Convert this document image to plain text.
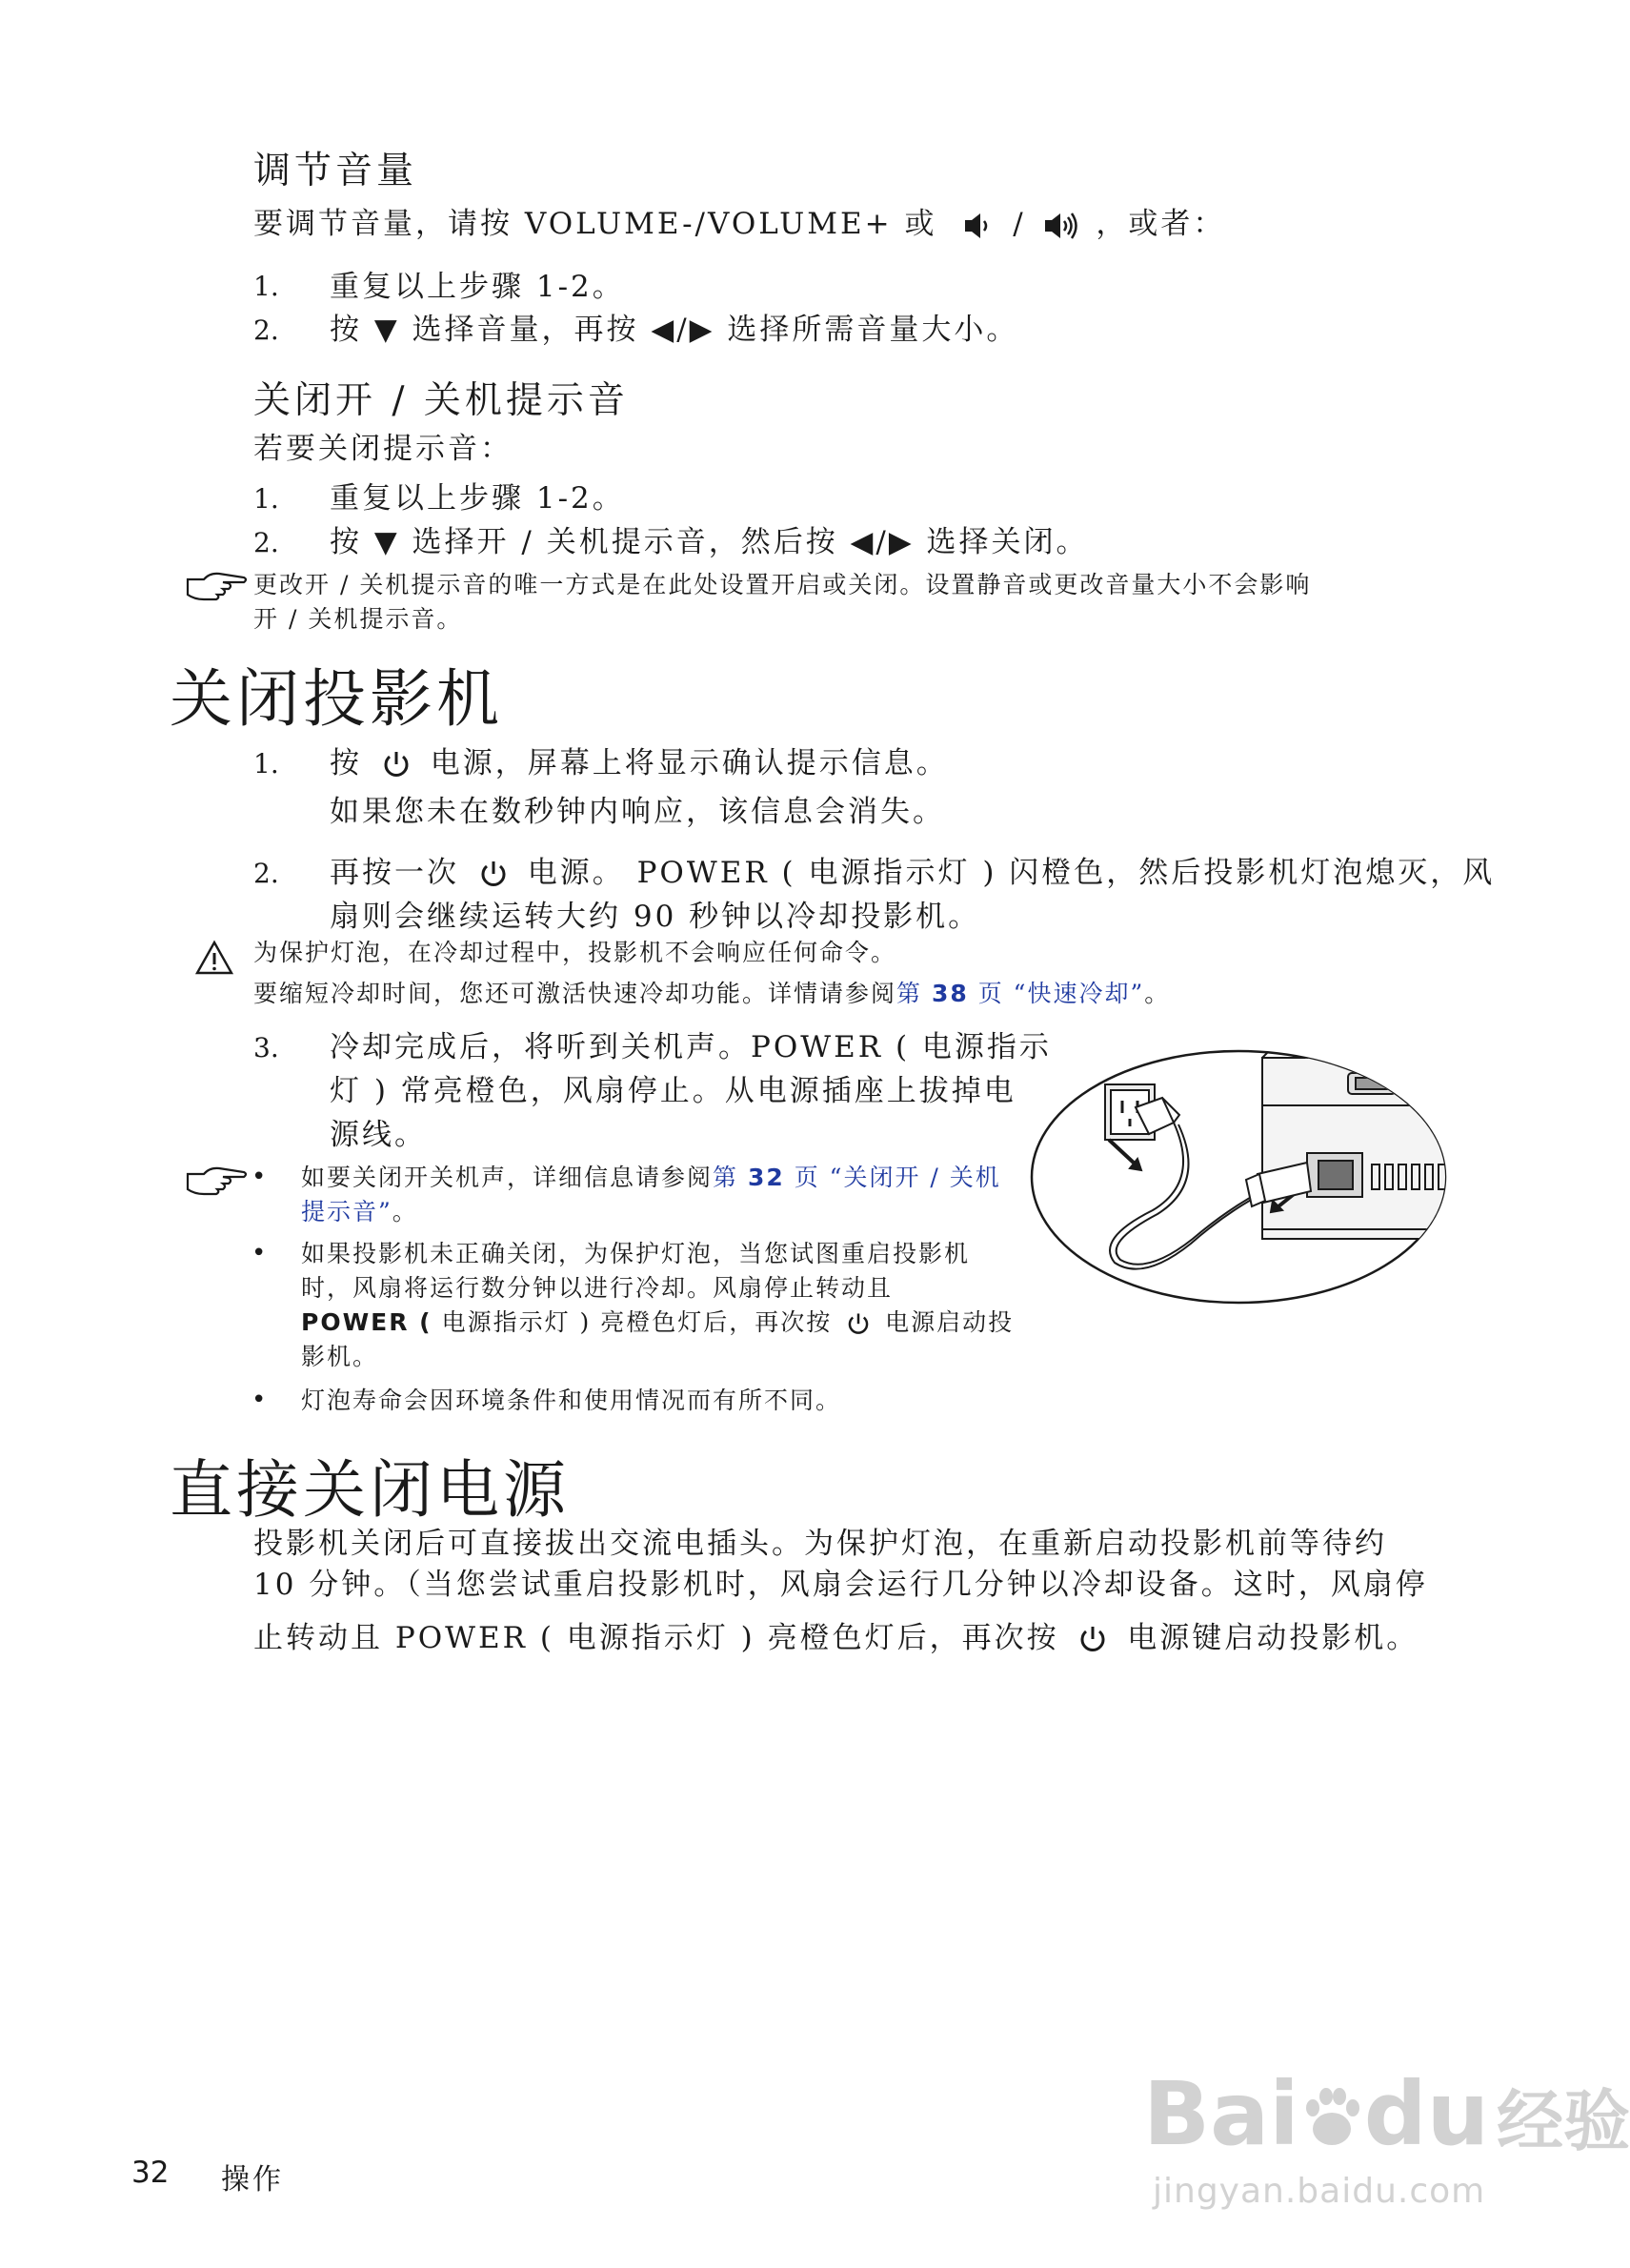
调节音量
要调节音量，请按 VOLUME-/VOLUME+ 或	/ ，或者：
1. 重复以上步骤 1-2。
2. 按 ▼ 选择音量，再按 ◀/▶ 选择所需音量大小。
关闭开 / 关机提示音
若要关闭提示音：
1. 重复以上步骤 1-2。
2. 按 ▼ 选择开 / 关机提示音，然后按 ◀/▶ 选择关闭。
更改开 / 关机提示音的唯一方式是在此处设置开启或关闭。设置静音或更改音量大小不会影响
开 / 关机提示音。
关闭投影机
1. 按 电源，屏幕上将显示确认提示信息。
如果您未在数秒钟内响应，该信息会消失。
2. 再按一次 电源。 POWER ( 电源指示灯 ) 闪橙色，然后投影机灯泡熄灭，风
扇则会继续运转大约 90 秒钟以冷却投影机。
为保护灯泡，在冷却过程中，投影机不会响应任何命令。
要缩短冷却时间，您还可激活快速冷却功能。详情请参阅第 38 页 “快速冷却”。
3. 冷却完成后，将听到关机声。POWER ( 电源指示
灯 ) 常亮橙色，风扇停止。从电源插座上拔掉电
源线。
• 如要关闭开关机声，详细信息请参阅第 32 页 “关闭开 / 关机
提示音”。
• 如果投影机未正确关闭，为保护灯泡，当您试图重启投影机
时，风扇将运行数分钟以进行冷却。风扇停止转动且
POWER ( 电源指示灯 ) 亮橙色灯后，再次按 电源启动投
影机。
• 灯泡寿命会因环境条件和使用情况而有所不同。
直接关闭电源
投影机关闭后可直接拔出交流电插头。为保护灯泡，在重新启动投影机前等待约
10 分钟。（当您尝试重启投影机时，风扇会运行几分钟以冷却设备。这时，风扇停
止转动且 POWER ( 电源指示灯 ) 亮橙色灯后，再次按 电源键启动投影机。
32 操作
Bai du 经验
jingyan.baidu.com
